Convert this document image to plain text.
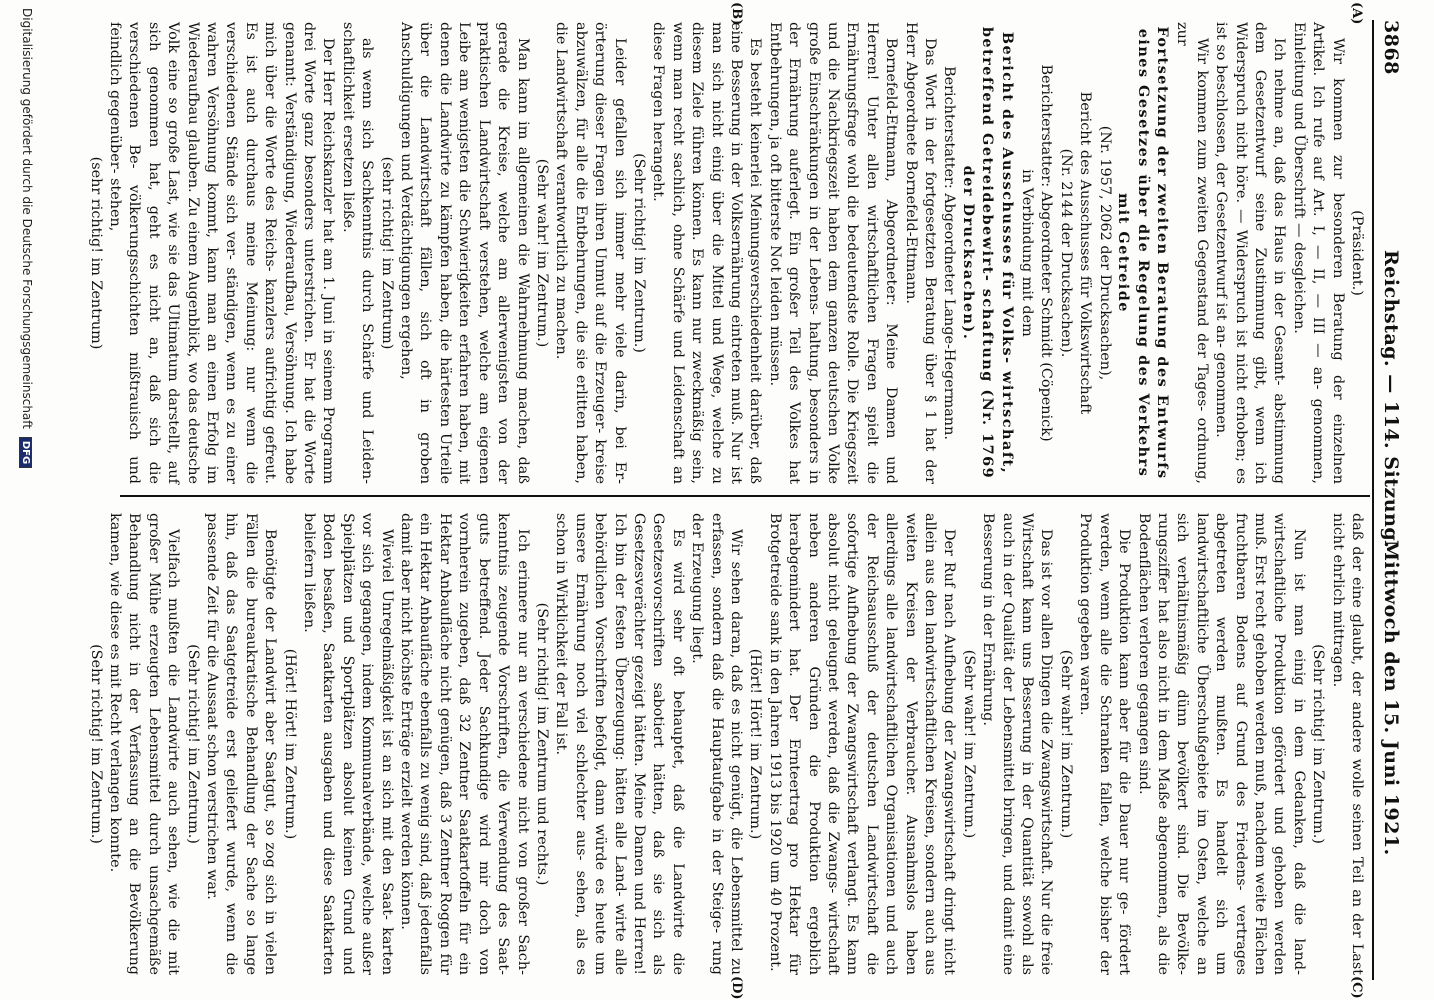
3868
Reichstag. — 114. Sitzung.
Mittwoch den 15. Juni 1921.
(A)
(B)
(C)
(D)

(Präsident.)

Wir kommen zur besonderen Beratung der einzelnen Artikel. Ich rufe auf Art. I, — II, — III — an- genommen, Einleitung und Überschrift — desgleichen.

Ich nehme an, daß das Haus in der Gesamt- abstimmung dem Gesetzentwurf seine Zustimmung gibt, wenn ich Widerspruch nicht höre. — Widerspruch ist nicht erhoben; es ist so beschlossen, der Gesetzentwurf ist an- genommen.

Wir kommen zum zweiten Gegenstand der Tages- ordnung, zur

Fortsetzung der zweiten Beratung des Entwurfs eines Gesetzes über die Regelung des Verkehrs mit Getreide

(Nr. 1957, 2062 der Drucksachen),

Bericht des Ausschusses für Volkswirtschaft

(Nr. 2144 der Drucksachen).

Berichterstatter: Abgeordneter Schmidt (Cöpenick)

in Verbindung mit dem

Bericht des Ausschusses für Volks- wirtschaft, betreffend Getreidebewirt- schaftung (Nr. 1769 der Drucksachen).

Berichterstatter: Abgeordneter Lange-Hegermann.

Das Wort in der fortgesetzten Beratung über § 1 hat der Herr Abgeordnete Bornefeld-Ettmann.

Bornefeld-Ettmann, Abgeordneter: Meine Damen und Herren! Unter allen wirtschaftlichen Fragen spielt die Ernährungsfrage wohl die bedeutendste Rolle. Die Kriegszeit und die Nachkriegszeit haben dem ganzen deutschen Volke große Einschränkungen in der Lebens- haltung, besonders in der Ernährung auferlegt. Ein großer Teil des Volkes hat Entbehrungen, ja oft bitterste Not leiden müssen.

Es besteht keinerlei Meinungsverschiedenheit darüber, daß eine Besserung in der Volksernährung eintreten muß. Nur ist man sich nicht einig über die Mittel und Wege, welche zu diesem Ziele führen können. Es kann nur zweckmäßig sein, wenn man recht sachlich, ohne Schärfe und Leidenschaft an diese Fragen herangeht.

(Sehr richtig! im Zentrum.)

Leider gefallen sich immer mehr viele darin, bei Er- örterung dieser Fragen ihren Unmut auf die Erzeuger- kreise abzuwälzen, für alle die Entbehrungen, die sie erlitten haben, die Landwirtschaft verantwortlich zu machen.

(Sehr wahr! im Zentrum.)

Man kann im allgemeinen die Wahrnehmung machen, daß gerade die Kreise, welche am allerwenigsten von der praktischen Landwirtschaft verstehen, welche am eigenen Leibe am wenigsten die Schwierigkeiten erfahren haben, mit denen die Landwirte zu kämpfen haben, die härtesten Urteile über die Landwirtschaft fällen, sich oft in groben Anschuldigungen und Verdächtigungen ergehen,

(sehr richtig! im Zentrum)

als wenn sich Sachkenntnis durch Schärfe und Leiden- schaftlichkeit ersetzen ließe.

Der Herr Reichskanzler hat am 1. Juni in seinem Programm drei Worte ganz besonders unterstrichen. Er hat die Worte genannt: Verständigung, Wiederaufbau, Versöhnung. Ich habe mich über die Worte des Reichs- kanzlers aufrichtig gefreut. Es ist auch durchaus meine Meinung: nur wenn die verschiedenen Stände sich ver- ständigen, wenn es zu einer wahren Versöhnung kommt, kann man an einen Erfolg im Wiederaufbau glauben. Zu einem Augenblick, wo das deutsche Volk eine so große Last, wie sie das Ultimatum darstellt, auf sich genommen hat, geht es nicht an, daß sich die verschiedenen Be- völkerungsschichten mißtrauisch und feindlich gegenüber- stehen,

(sehr richtig! im Zentrum)

daß der eine glaubt, der andere wolle seinen Teil an der Last nicht ehrlich mittragen.

(Sehr richtig! im Zentrum.)

Nun ist man einig in dem Gedanken, daß die land- wirtschaftliche Produktion gefördert und gehoben werden muß. Erst recht gehoben werden muß, nachdem weite Flächen fruchtbaren Bodens auf Grund des Friedens- vertrages abgetreten werden mußten. Es handelt sich um landwirtschaftliche Überschußgebiete im Osten, welche an sich verhältnismäßig dünn bevölkert sind. Die Bevölke- rungsziffer hat also nicht in dem Maße abgenommen, als die Bodenflächen verloren gegangen sind.

Die Produktion kann aber für die Dauer nur ge- fördert werden, wenn alle die Schranken fallen, welche bisher der Produktion gegeben waren.

(Sehr wahr! im Zentrum.)

Das ist vor allen Dingen die Zwangswirtschaft. Nur die freie Wirtschaft kann uns Besserung in der Quantität sowohl als auch in der Qualität der Lebensmittel bringen, und damit eine Besserung in der Ernährung.

(Sehr wahr! im Zentrum.)

Der Ruf nach Aufhebung der Zwangswirtschaft dringt nicht allein aus den landwirtschaftlichen Kreisen, sondern auch aus weiten Kreisen der Verbraucher. Ausnahmslos haben allerdings alle landwirtschaftlichen Organisationen und auch der Reichsausschuß der deutschen Landwirtschaft die sofortige Aufhebung der Zwangswirtschaft verlangt. Es kann absolut nicht geleugnet werden, daß die Zwangs- wirtschaft neben anderen Gründen die Produktion ergeblich herabgemindert hat. Der Ernteertrag pro Hektar für Brotgetreide sank in den Jahren 1913 bis 1920 um 40 Prozent.

(Hört! Hört! im Zentrum.)

Wir sehen daran, daß es nicht genügt, die Lebensmittel zu erfassen, sondern daß die Hauptaufgabe in der Steige- rung der Erzeugung liegt.

Es wird sehr oft behauptet, daß die Landwirte die Gesetzesvorschriften sabotiert hätten, daß sie sich als Gesetzesverächter gezeigt hätten. Meine Damen und Herren! Ich bin der festen Überzeugung: hätten alle Land- wirte alle behördlichen Vorschriften befolgt, dann würde es heute um unsere Ernährung noch viel schlechter aus- sehen, als es schon in Wirklichkeit der Fall ist.

(Sehr richtig! im Zentrum und rechts.)

Ich erinnere nur an verschiedene nicht von großer Sach- kenntnis zeugende Vorschriften, die Verwendung des Saat- guts betreffend. Jeder Sachkundige wird mir doch von vornherein zugeben, daß 32 Zentner Saatkartoffeln für ein Hektar Anbaufläche nicht genügen, daß 3 Zentner Roggen für ein Hektar Anbaufläche ebenfalls zu wenig sind, daß jedenfalls damit aber nicht höchste Erträge erzielt werden können.

Wieviel Unregelmäßigkeit ist an sich mit den Saat- karten vor sich gegangen, indem Kommunalverbände, welche außer Spielplätzen und Sportplätzen absolut keinen Grund und Boden besaßen, Saatkarten ausgaben und diese Saatkarten beliefern ließen.

(Hört! Hört! im Zentrum.)

Benötigte der Landwirt aber Saatgut, so zog sich in vielen Fällen die bureaukratische Behandlung der Sache so lange hin, daß das Saatgetreide erst geliefert wurde, wenn die passende Zeit für die Aussaat schon verstrichen war.

(Sehr richtig! im Zentrum.)

Vielfach mußten die Landwirte auch sehen, wie die mit großer Mühe erzeugten Lebensmittel durch unsachgemäße Behandlung nicht in der Verfassung an die Bevölkerung kamen, wie diese es mit Recht verlangen konnte.

(Sehr richtig! im Zentrum.)

Digitalisierung gefördert durch die Deutsche Forschungsgemeinschaft DFG
